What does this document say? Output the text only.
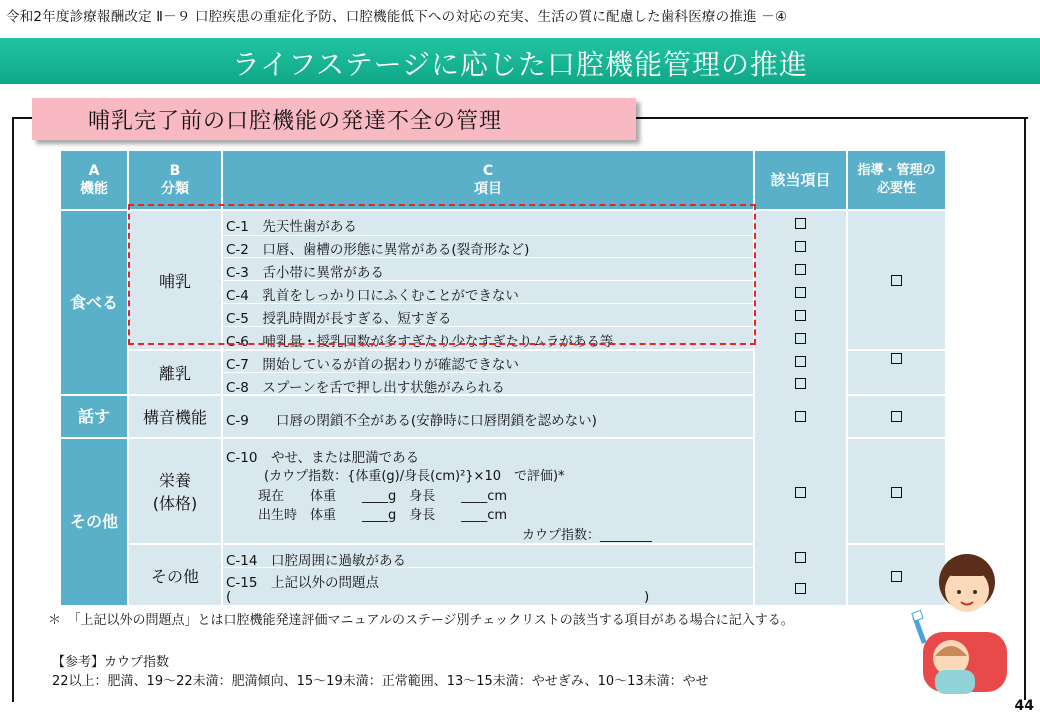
令和2年度診療報酬改定 Ⅱ－９ 口腔疾患の重症化予防、口腔機能低下への対応の充実、生活の質に配慮した歯科医療の推進 －④
ライフステージに応じた口腔機能管理の推進
哺乳完了前の口腔機能の発達不全の管理
A
機能
B
分類
C
項目	該当項目
指導・管理の
必要性
食べる
話す
その他
哺乳
離乳
構音機能
栄養
(体格)
その他
C-1　先天性歯がある
C-2　口唇、歯槽の形態に異常がある(裂奇形など)
C-3　舌小帯に異常がある
C-4　乳首をしっかり口にふくむことができない
C-5　授乳時間が長すぎる、短すぎる
C-6　哺乳量・授乳回数が多すぎたり少なすぎたりムラがある等
C-7　開始しているが首の据わりが確認できない
C-8　スプーンを舌で押し出す状態がみられる
C-9　　口唇の閉鎖不全がある(安静時に口唇閉鎖を認めない)
C-10　やせ、または肥満である
(カウプ指数：{体重(g)/身長(cm)²}×10　で評価)*
現在　　体重　　____g　身長　　____cm
出生時　体重　　____g　身長　　____cm
カウプ指数：________
C-14　口腔周囲に過敏がある
C-15　上記以外の問題点
(	)
＊　「上記以外の問題点」とは口腔機能発達評価マニュアルのステージ別チェックリストの該当する項目がある場合に記入する。
【参考】カウプ指数
22以上：肥満、19〜22未満：肥満傾向、15〜19未満：正常範囲、13〜15未満：やせぎみ、10〜13未満：やせ
44
